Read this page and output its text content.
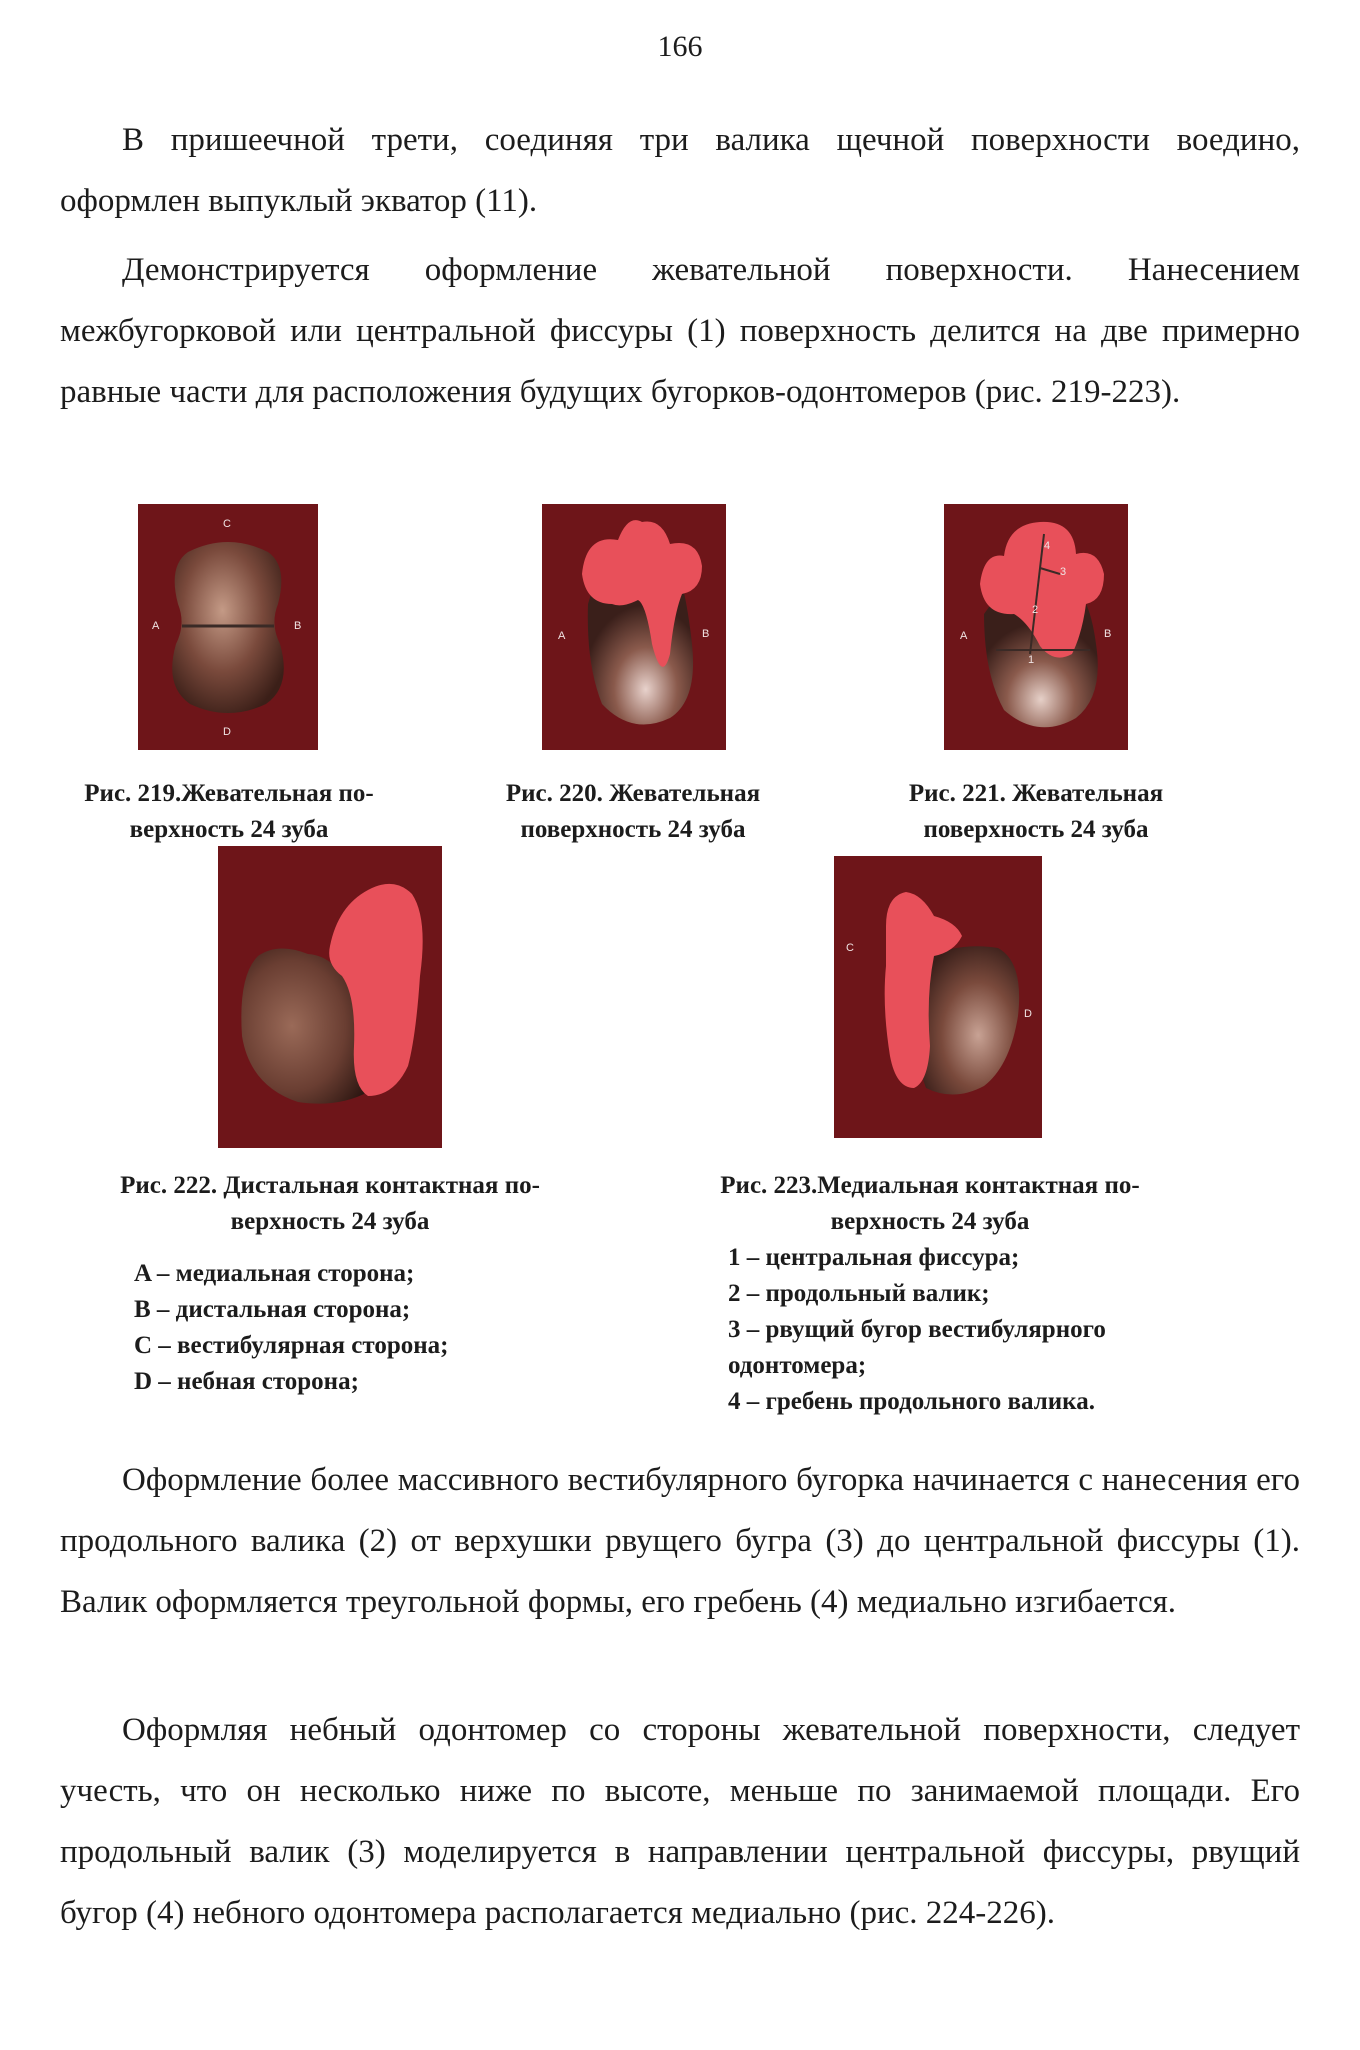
166

В пришеечной трети, соединяя три валика щечной поверхности воедино, оформлен выпуклый экватор (11).

Демонстрируется оформление жевательной поверхности. Нанесением межбугорковой или центральной фиссуры (1) поверхность делится на две примерно равные части для расположения будущих бугорков-одонтомеров (рис. 219-223).

C
A	B
D

Рис. 219.Жевательная по-
верхность 24 зуба

A	B

Рис. 220. Жевательная
поверхность 24 зуба

4
3
2
1
A	B

Рис. 221. Жевательная
поверхность 24 зуба

Рис. 222. Дистальная контактная по-
верхность 24 зуба

C
D

Рис. 223.Медиальная контактная по-
верхность 24 зуба

A – медиальная сторона;
B – дистальная сторона;
C – вестибулярная сторона;
D – небная сторона;
1 – центральная фиссура;
2 – продольный валик;
3 – рвущий бугор вестибулярного
одонтомера;
4 – гребень продольного валика.

Оформление более массивного вестибулярного бугорка начинается с нанесения его продольного валика (2) от верхушки рвущего бугра (3) до центральной фиссуры (1). Валик оформляется треугольной формы, его гребень (4) медиально изгибается.

Оформляя небный одонтомер со стороны жевательной поверхности, следует учесть, что он несколько ниже по высоте, меньше по занимаемой площади. Его продольный валик (3) моделируется в направлении центральной фиссуры, рвущий бугор (4) небного одонтомера располагается медиально (рис. 224-226).
